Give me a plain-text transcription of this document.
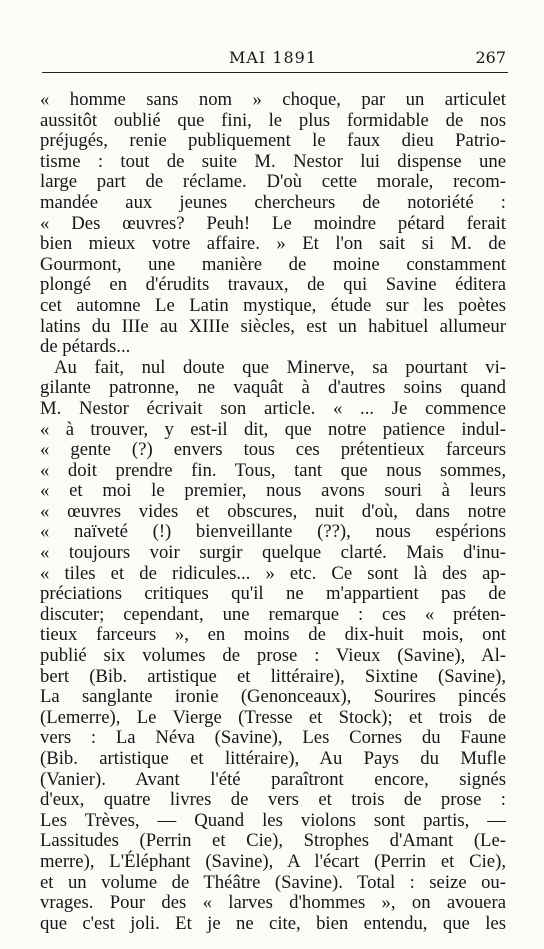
MAI 1891	267
« homme sans nom » choque, par un articulet
aussitôt oublié que fini, le plus formidable de nos
préjugés, renie publiquement le faux dieu Patrio-
tisme : tout de suite M. Nestor lui dispense une
large part de réclame. D'où cette morale, recom-
mandée aux jeunes chercheurs de notoriété :
« Des œuvres? Peuh! Le moindre pétard ferait
bien mieux votre affaire. » Et l'on sait si M. de
Gourmont, une manière de moine constamment
plongé en d'érudits travaux, de qui Savine éditera
cet automne Le Latin mystique, étude sur les poètes
latins du IIIe au XIIIe siècles, est un habituel allumeur
de pétards...
Au fait, nul doute que Minerve, sa pourtant vi-
gilante patronne, ne vaquât à d'autres soins quand
M. Nestor écrivait son article. « ... Je commence
« à trouver, y est-il dit, que notre patience indul-
« gente (?) envers tous ces prétentieux farceurs
« doit prendre fin. Tous, tant que nous sommes,
« et moi le premier, nous avons souri à leurs
« œuvres vides et obscures, nuit d'où, dans notre
« naïveté (!) bienveillante (??), nous espérions
« toujours voir surgir quelque clarté. Mais d'inu-
« tiles et de ridicules... » etc. Ce sont là des ap-
préciations critiques qu'il ne m'appartient pas de
discuter; cependant, une remarque : ces « préten-
tieux farceurs », en moins de dix-huit mois, ont
publié six volumes de prose : Vieux (Savine), Al-
bert (Bib. artistique et littéraire), Sixtine (Savine),
La sanglante ironie (Genonceaux), Sourires pincés
(Lemerre), Le Vierge (Tresse et Stock); et trois de
vers : La Néva (Savine), Les Cornes du Faune
(Bib. artistique et littéraire), Au Pays du Mufle
(Vanier). Avant l'été paraîtront encore, signés
d'eux, quatre livres de vers et trois de prose :
Les Trèves, — Quand les violons sont partis, —
Lassitudes (Perrin et Cie), Strophes d'Amant (Le-
merre), L'Éléphant (Savine), A l'écart (Perrin et Cie),
et un volume de Théâtre (Savine). Total : seize ou-
vrages. Pour des « larves d'hommes », on avouera
que c'est joli. Et je ne cite, bien entendu, que les
